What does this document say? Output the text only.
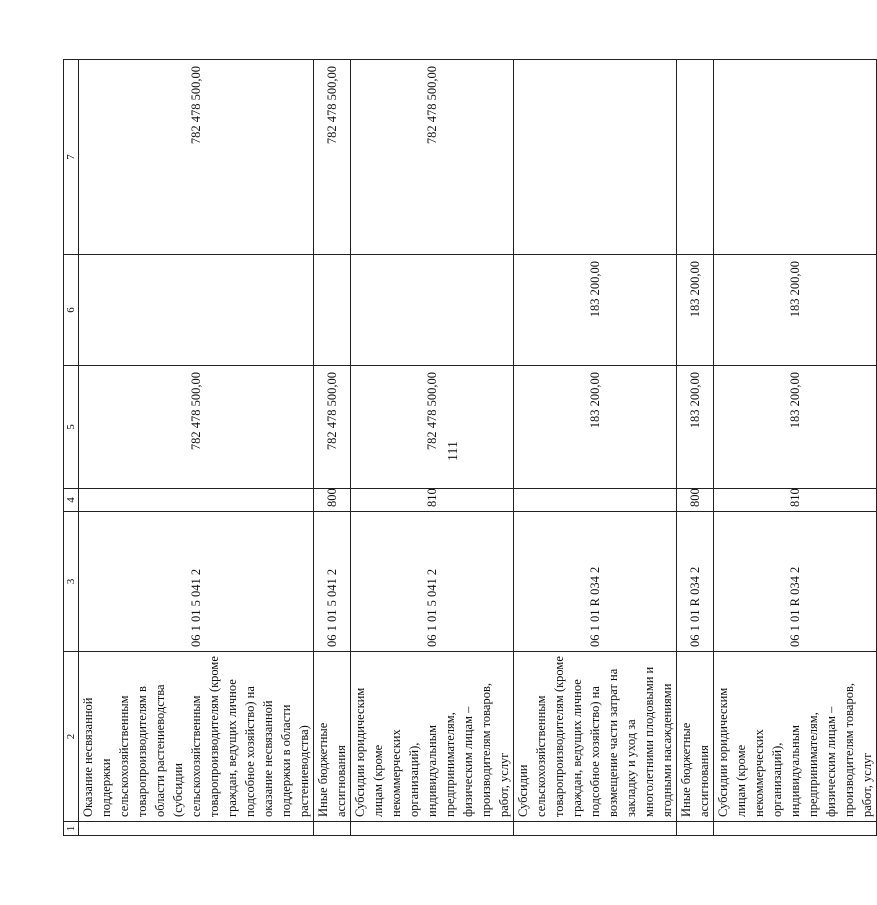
111
1	2	3	4	5	6	7
	Оказание несвязанной поддержки сельскохозяйственным товаропроизводителям в области растениеводства (субсидии сельскохозяйственным товаропроизводителям (кроме граждан, ведущих личное подсобное хозяйство) на оказание несвязанной поддержки в области растениеводства)	06 1 01 5 041 2		782 478 500,00		782 478 500,00
	Иные бюджетные ассигнования	06 1 01 5 041 2	800	782 478 500,00		782 478 500,00
	Субсидии юридическим лицам (кроме некоммерческих организаций), индивидуальным предпринимателям, физическим лицам – производителям товаров, работ, услуг	06 1 01 5 041 2	810	782 478 500,00		782 478 500,00
	Субсидии сельскохозяйственным товаропроизводителям (кроме граждан, ведущих личное подсобное хозяйство) на возмещение части затрат на закладку и уход за многолетними плодовыми и ягодными насаждениями	06 1 01 R 034 2		183 200,00	183 200,00	
	Иные бюджетные ассигнования	06 1 01 R 034 2	800	183 200,00	183 200,00	
	Субсидии юридическим лицам (кроме некоммерческих организаций), индивидуальным предпринимателям, физическим лицам – производителям товаров, работ, услуг	06 1 01 R 034 2	810	183 200,00	183 200,00	
